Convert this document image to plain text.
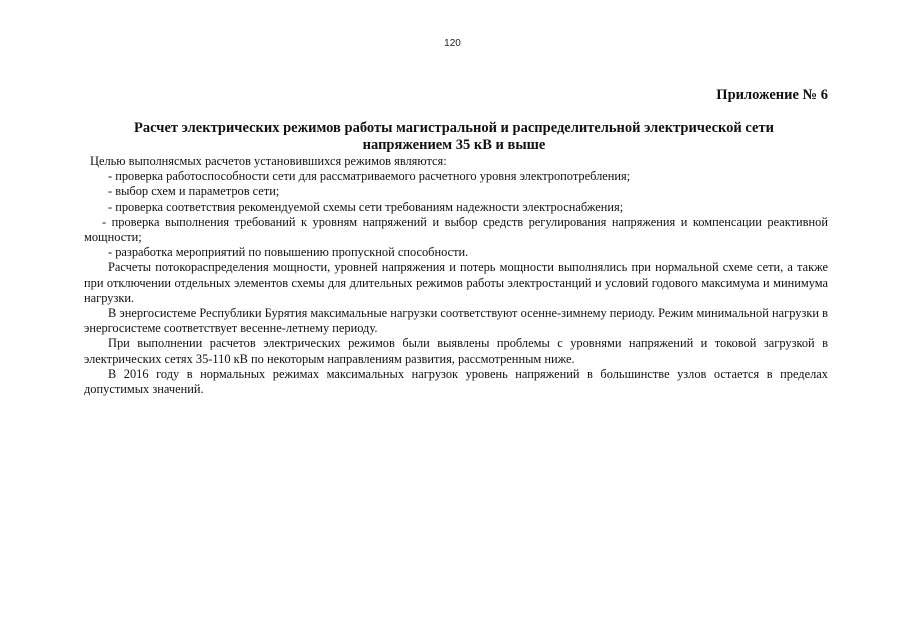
120
Приложение № 6
Расчет электрических режимов работы магистральной и распределительной электрической сети
напряжением 35 кВ и выше

Целью выполнясмых расчетов установившихся режимов являются:

- проверка работоспособности сети для рассматриваемого расчетного уровня электропотребления;

- выбор схем и параметров сети;

- проверка соответствия рекомендуемой схемы сети требованиям надежности электроснабжения;

- проверка выполнения требований к уровням напряжений и выбор средств регулирования напряжения и компенсации реактивной мощности;

- разработка мероприятий по повышению пропускной способности.

Расчеты потокораспределения мощности, уровней напряжения и потерь мощности выполнялись при нормальной схеме сети, а также при отключении отдельных элементов схемы для длительных режимов работы электростанций и условий годового максимума и минимума нагрузки.

В энергосистеме Республики Бурятия максимальные нагрузки соответствуют осенне-зимнему периоду. Режим минимальной нагрузки в энергосистеме соответствует весенне-летнему периоду.

При выполнении расчетов электрических режимов были выявлены проблемы с уровнями напряжений и токовой загрузкой в электрических сетях 35-110 кВ по некоторым направлениям развития, рассмотренным ниже.

В 2016 году в нормальных режимах максимальных нагрузок уровень напряжений в большинстве узлов остается в пределах допустимых значений.
